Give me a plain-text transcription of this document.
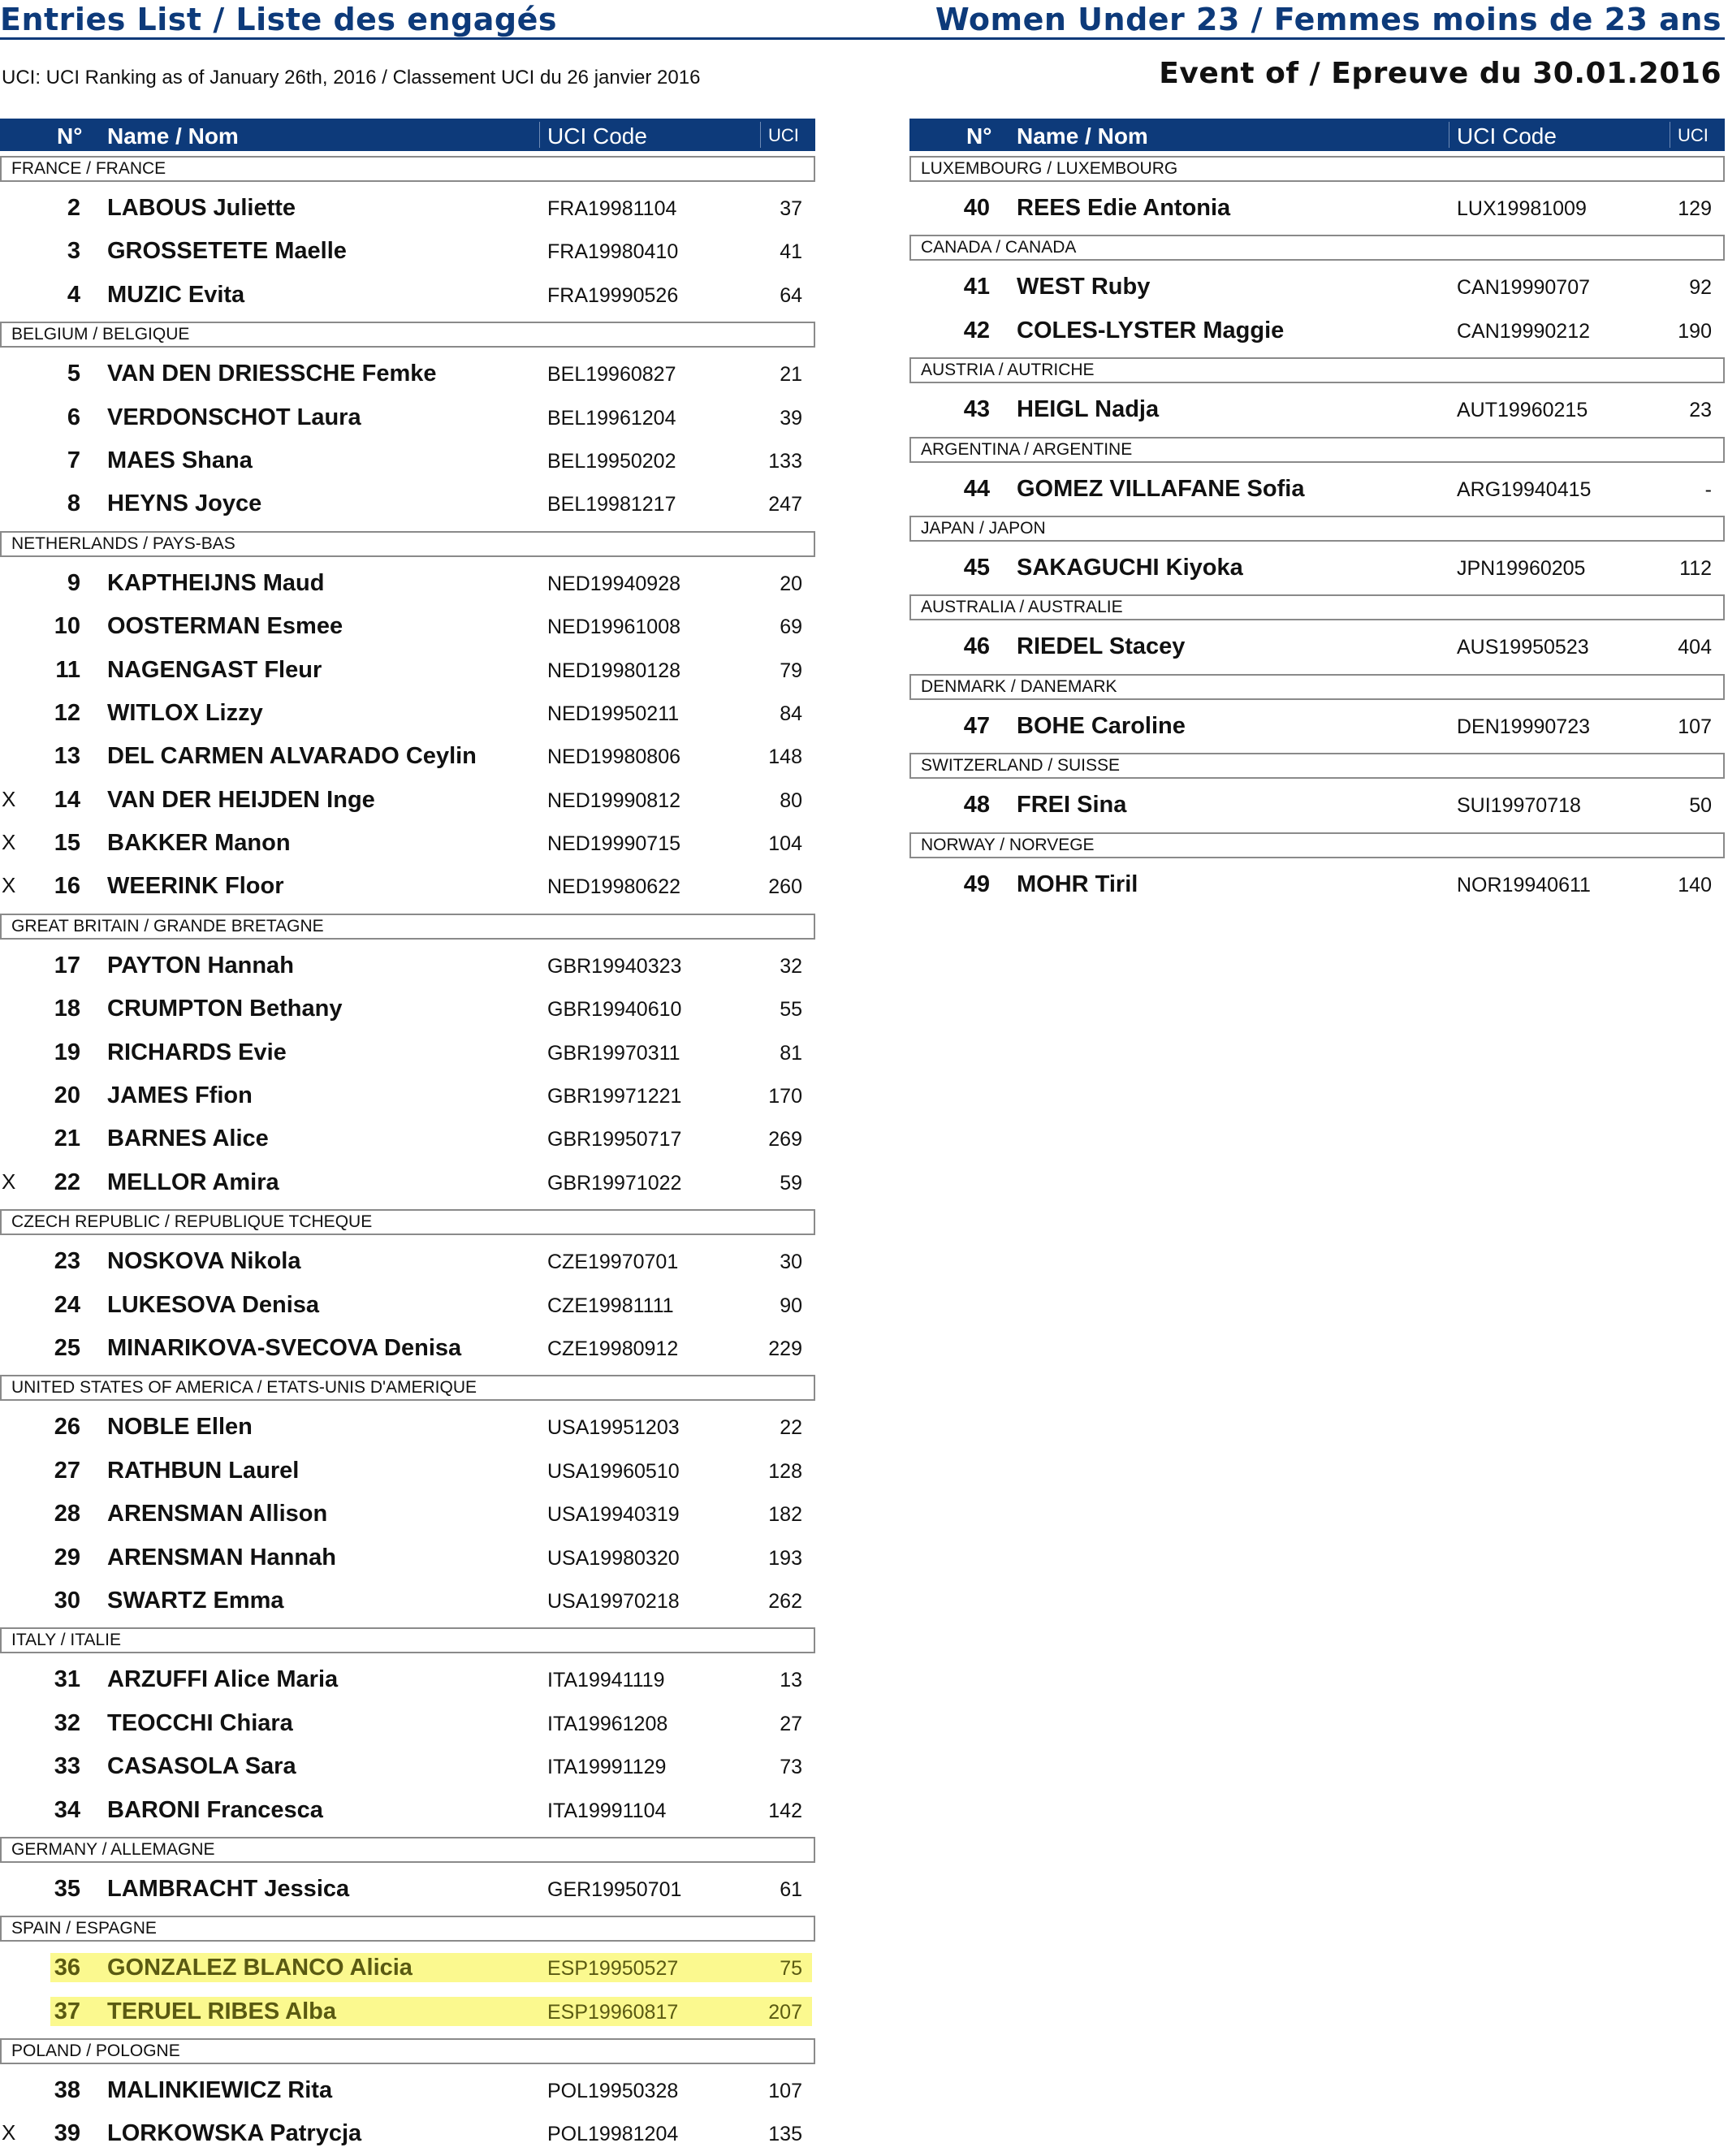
Entries List / Liste des engagés	Women Under 23 / Femmes moins de 23 ans
UCI: UCI Ranking as of January 26th, 2016 / Classement UCI du 26 janvier 2016	Event of / Epreuve du 30.01.2016
N° Name / Nom	UCI Code	UCI
FRANCE / FRANCE
2 LABOUS Juliette	FRA19981104	37
3 GROSSETETE Maelle	FRA19980410	41
4 MUZIC Evita	FRA19990526	64
BELGIUM / BELGIQUE
5 VAN DEN DRIESSCHE Femke	BEL19960827	21
6 VERDONSCHOT Laura	BEL19961204	39
7 MAES Shana	BEL19950202	133
8 HEYNS Joyce	BEL19981217	247
NETHERLANDS / PAYS-BAS
9 KAPTHEIJNS Maud	NED19940928	20
10 OOSTERMAN Esmee	NED19961008	69
11 NAGENGAST Fleur	NED19980128	79
12 WITLOX Lizzy	NED19950211	84
13 DEL CARMEN ALVARADO Ceylin	NED19980806	148
X 14 VAN DER HEIJDEN Inge	NED19990812	80
X 15 BAKKER Manon	NED19990715	104
X 16 WEERINK Floor	NED19980622	260
GREAT BRITAIN / GRANDE BRETAGNE
17 PAYTON Hannah	GBR19940323	32
18 CRUMPTON Bethany	GBR19940610	55
19 RICHARDS Evie	GBR19970311	81
20 JAMES Ffion	GBR19971221	170
21 BARNES Alice	GBR19950717	269
X 22 MELLOR Amira	GBR19971022	59
CZECH REPUBLIC / REPUBLIQUE TCHEQUE
23 NOSKOVA Nikola	CZE19970701	30
24 LUKESOVA Denisa	CZE19981111	90
25 MINARIKOVA-SVECOVA Denisa	CZE19980912	229
UNITED STATES OF AMERICA / ETATS-UNIS D'AMERIQUE
26 NOBLE Ellen	USA19951203	22
27 RATHBUN Laurel	USA19960510	128
28 ARENSMAN Allison	USA19940319	182
29 ARENSMAN Hannah	USA19980320	193
30 SWARTZ Emma	USA19970218	262
ITALY / ITALIE
31 ARZUFFI Alice Maria	ITA19941119	13
32 TEOCCHI Chiara	ITA19961208	27
33 CASASOLA Sara	ITA19991129	73
34 BARONI Francesca	ITA19991104	142
GERMANY / ALLEMAGNE
35 LAMBRACHT Jessica	GER19950701	61
SPAIN / ESPAGNE
36 GONZALEZ BLANCO Alicia	ESP19950527	75
37 TERUEL RIBES Alba	ESP19960817	207
POLAND / POLOGNE
38 MALINKIEWICZ Rita	POL19950328	107
X 39 LORKOWSKA Patrycja	POL19981204	135
N° Name / Nom	UCI Code	UCI
LUXEMBOURG / LUXEMBOURG
40 REES Edie Antonia	LUX19981009	129
CANADA / CANADA
41 WEST Ruby	CAN19990707	92
42 COLES-LYSTER Maggie	CAN19990212	190
AUSTRIA / AUTRICHE
43 HEIGL Nadja	AUT19960215	23
ARGENTINA / ARGENTINE
44 GOMEZ VILLAFANE Sofia	ARG19940415	-
JAPAN / JAPON
45 SAKAGUCHI Kiyoka	JPN19960205	112
AUSTRALIA / AUSTRALIE
46 RIEDEL Stacey	AUS19950523	404
DENMARK / DANEMARK
47 BOHE Caroline	DEN19990723	107
SWITZERLAND / SUISSE
48 FREI Sina	SUI19970718	50
NORWAY / NORVEGE
49 MOHR Tiril	NOR19940611	140
